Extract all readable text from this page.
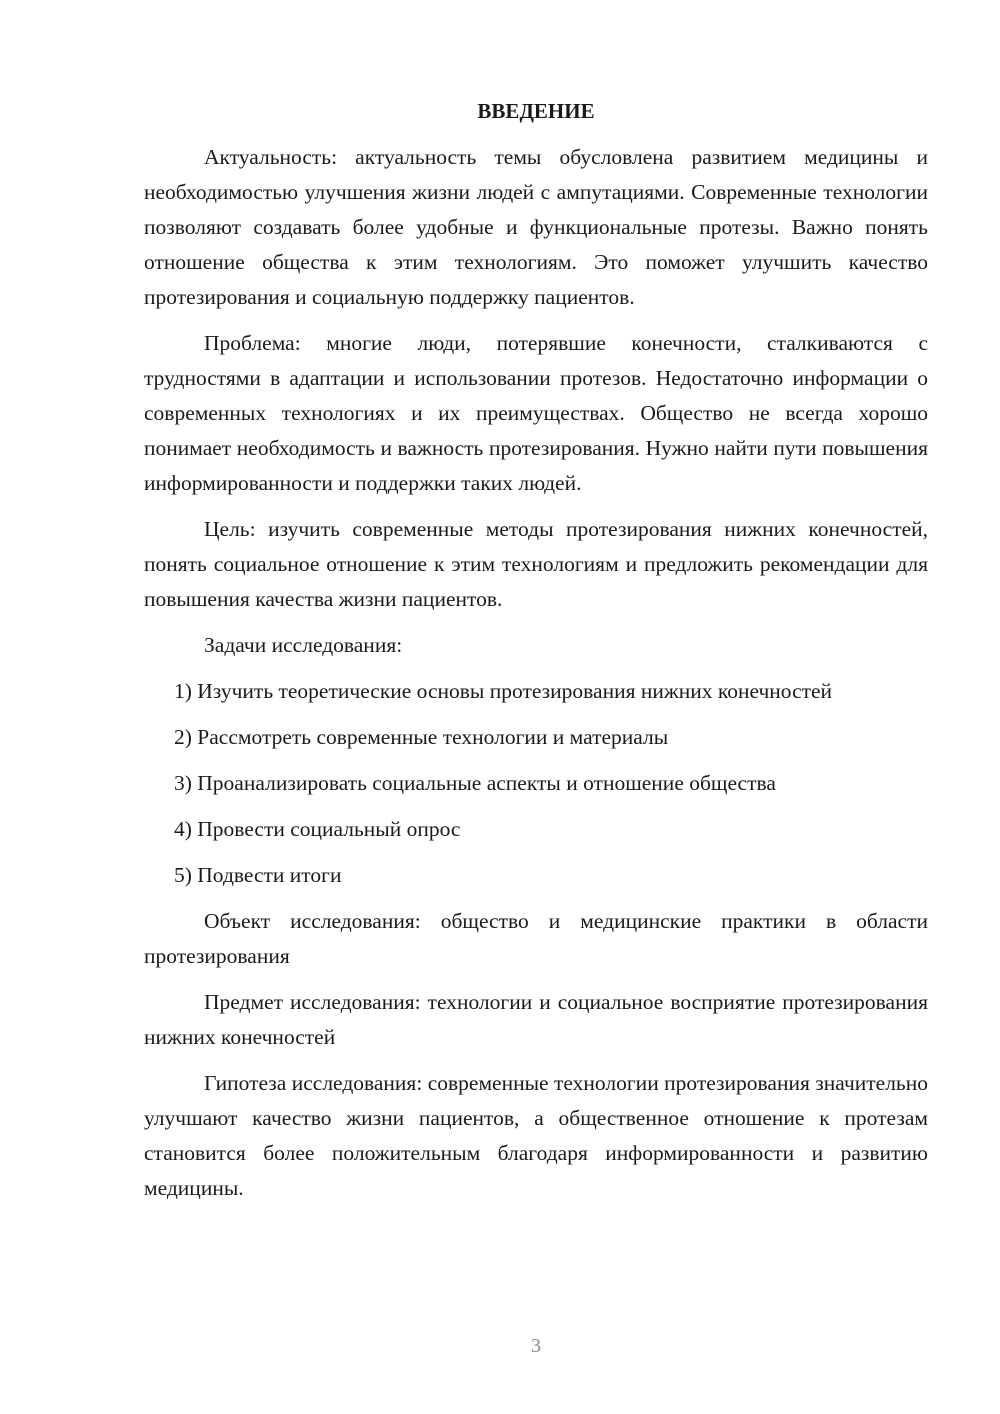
ВВЕДЕНИЕ

Актуальность: актуальность темы обусловлена развитием медицины и необходимостью улучшения жизни людей с ампутациями. Современные технологии позволяют создавать более удобные и функциональные протезы. Важно понять отношение общества к этим технологиям. Это поможет улучшить качество протезирования и социальную поддержку пациентов.

Проблема: многие люди, потерявшие конечности, сталкиваются с трудностями в адаптации и использовании протезов. Недостаточно информации о современных технологиях и их преимуществах. Общество не всегда хорошо понимает необходимость и важность протезирования. Нужно найти пути повышения информированности и поддержки таких людей.

Цель: изучить современные методы протезирования нижних конечностей, понять социальное отношение к этим технологиям и предложить рекомендации для повышения качества жизни пациентов.

Задачи исследования:

1) Изучить теоретические основы протезирования нижних конечностей

2) Рассмотреть современные технологии и материалы

3) Проанализировать социальные аспекты и отношение общества

4) Провести социальный опрос

5) Подвести итоги

Объект исследования: общество и медицинские практики в области протезирования

Предмет исследования: технологии и социальное восприятие протезирования нижних конечностей

Гипотеза исследования: современные технологии протезирования значительно улучшают качество жизни пациентов, а общественное отношение к протезам становится более положительным благодаря информированности и развитию медицины.

3
